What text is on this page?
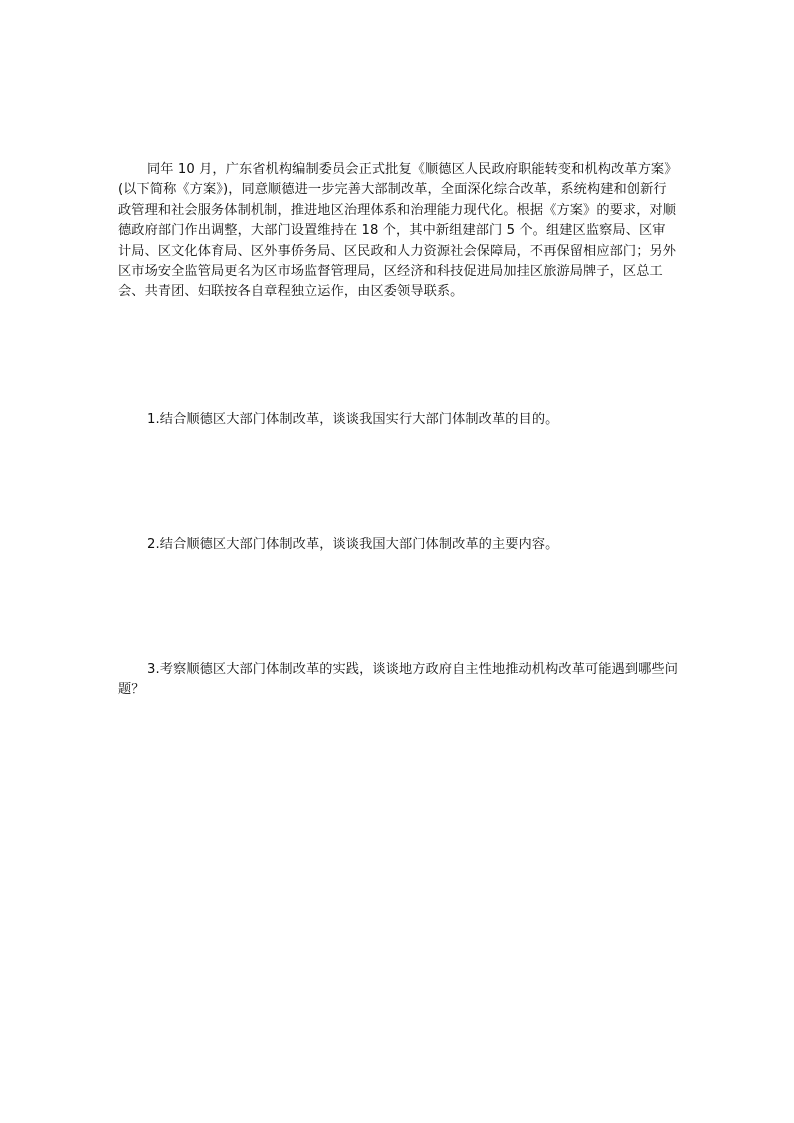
同年 10 月，广东省机构编制委员会正式批复《顺德区人民政府职能转变和机构改革方案》(以下简称《方案》)，同意顺德进一步完善大部制改革，全面深化综合改革，系统构建和创新行政管理和社会服务体制机制，推进地区治理体系和治理能力现代化。根据《方案》的要求，对顺德政府部门作出调整，大部门设置维持在 18 个，其中新组建部门 5 个。组建区监察局、区审计局、区文化体育局、区外事侨务局、区民政和人力资源社会保障局，不再保留相应部门；另外区市场安全监管局更名为区市场监督管理局，区经济和科技促进局加挂区旅游局牌子，区总工会、共青团、妇联按各自章程独立运作，由区委领导联系。

1.结合顺德区大部门体制改革，谈谈我国实行大部门体制改革的目的。

2.结合顺德区大部门体制改革，谈谈我国大部门体制改革的主要内容。

3.考察顺德区大部门体制改革的实践，谈谈地方政府自主性地推动机构改革可能遇到哪些问题？
